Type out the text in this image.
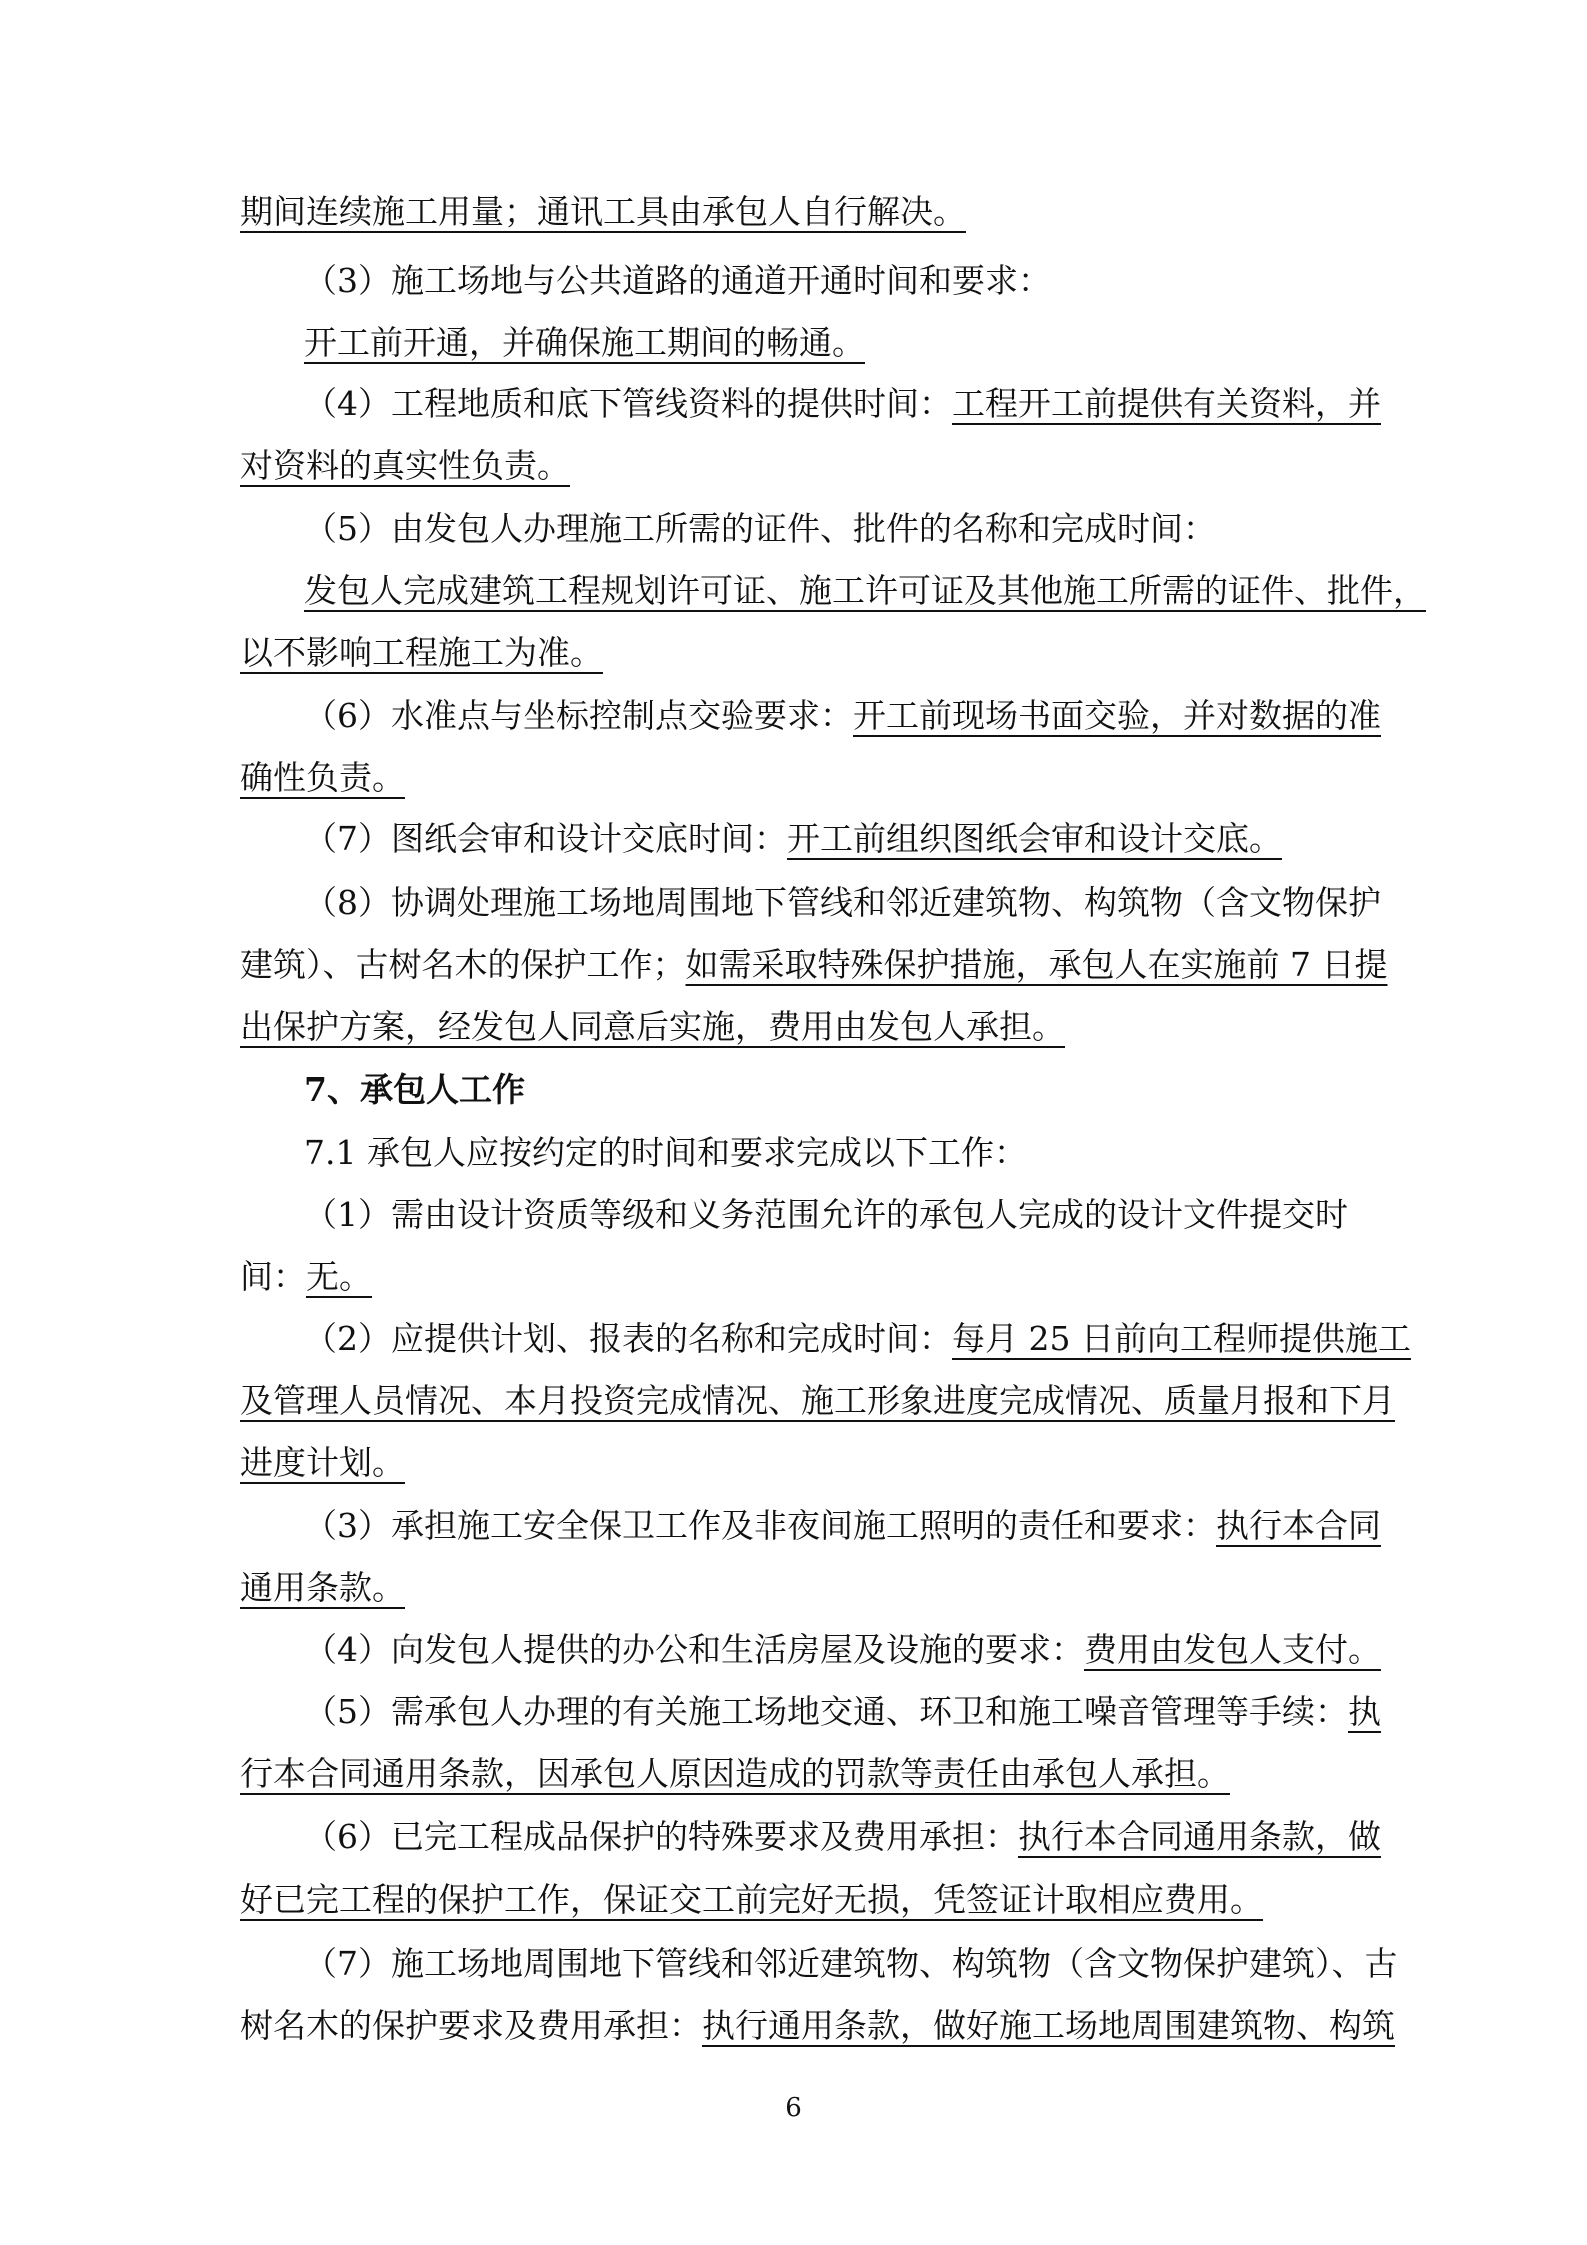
期间连续施工用量；通讯工具由承包人自行解决。
（3）施工场地与公共道路的通道开通时间和要求：
开工前开通，并确保施工期间的畅通。
（4）工程地质和底下管线资料的提供时间：工程开工前提供有关资料，并
对资料的真实性负责。
（5）由发包人办理施工所需的证件、批件的名称和完成时间：
发包人完成建筑工程规划许可证、施工许可证及其他施工所需的证件、批件，
以不影响工程施工为准。
（6）水准点与坐标控制点交验要求：开工前现场书面交验，并对数据的准
确性负责。
（7）图纸会审和设计交底时间：开工前组织图纸会审和设计交底。
（8）协调处理施工场地周围地下管线和邻近建筑物、构筑物（含文物保护
建筑）、古树名木的保护工作；如需采取特殊保护措施，承包人在实施前 7 日提
出保护方案，经发包人同意后实施，费用由发包人承担。
7、承包人工作
7.1 承包人应按约定的时间和要求完成以下工作：
（1）需由设计资质等级和义务范围允许的承包人完成的设计文件提交时
间：无。
（2）应提供计划、报表的名称和完成时间：每月 25 日前向工程师提供施工
及管理人员情况、本月投资完成情况、施工形象进度完成情况、质量月报和下月
进度计划。
（3）承担施工安全保卫工作及非夜间施工照明的责任和要求：执行本合同
通用条款。
（4）向发包人提供的办公和生活房屋及设施的要求：费用由发包人支付。
（5）需承包人办理的有关施工场地交通、环卫和施工噪音管理等手续：执
行本合同通用条款，因承包人原因造成的罚款等责任由承包人承担。
（6）已完工程成品保护的特殊要求及费用承担：执行本合同通用条款，做
好已完工程的保护工作，保证交工前完好无损，凭签证计取相应费用。
（7）施工场地周围地下管线和邻近建筑物、构筑物（含文物保护建筑）、古
树名木的保护要求及费用承担：执行通用条款，做好施工场地周围建筑物、构筑
6
